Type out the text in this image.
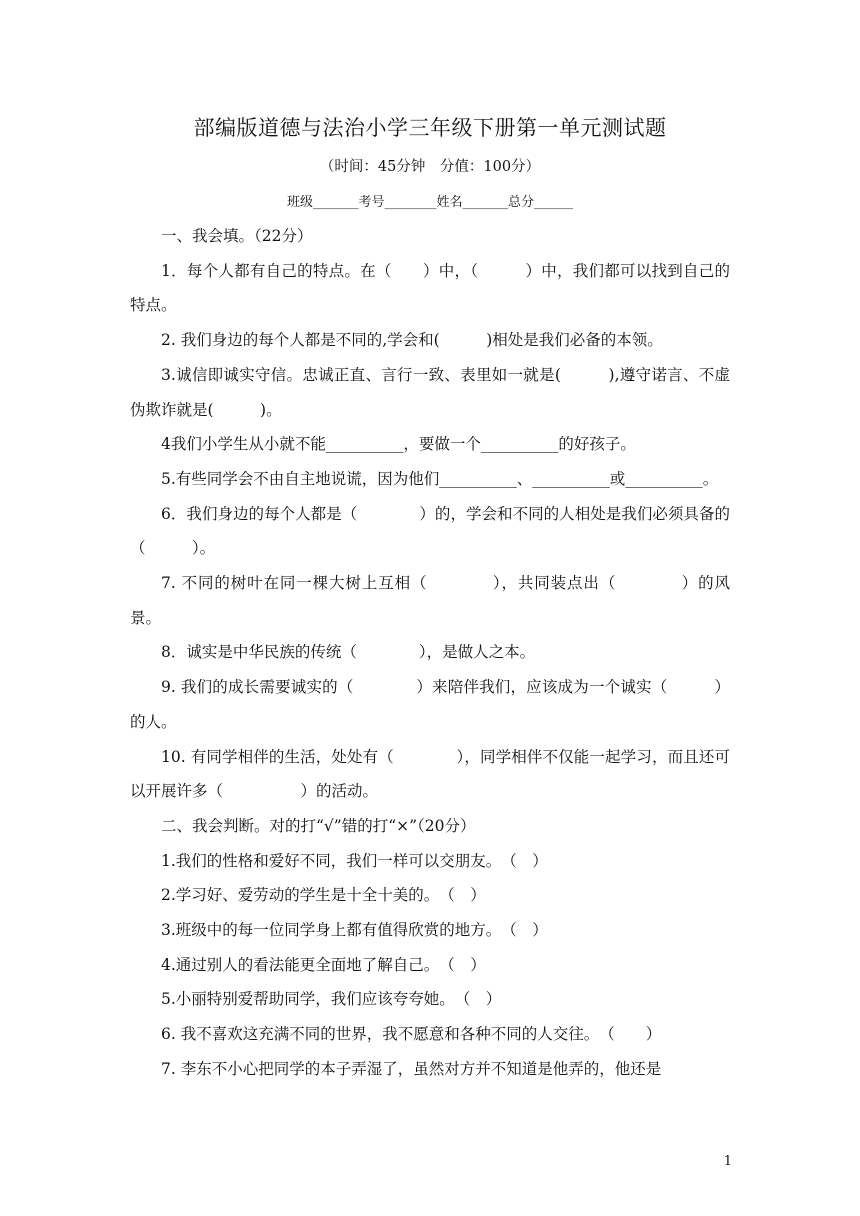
部编版道德与法治小学三年级下册第一单元测试题
（时间：45分钟　分值：100分）
班级_______考号________姓名_______总分______

一、我会填。（22分）

1．每个人都有自己的特点。在（　　）中，（　　　）中，我们都可以找到自己的特点。

2. 我们身边的每个人都是不同的,学会和(　　　)相处是我们必备的本领。

3.诚信即诚实守信。忠诚正直、言行一致、表里如一就是(　　　),遵守诺言、不虚伪欺诈就是(　　　)。

4我们小学生从小就不能__________，要做一个__________的好孩子。

5.有些同学会不由自主地说谎，因为他们__________、__________或__________。

6．我们身边的每个人都是（　　　　）的，学会和不同的人相处是我们必须具备的（　　　）。

7. 不同的树叶在同一棵大树上互相（　　　　），共同装点出（　　　　）的风景。

8．诚实是中华民族的传统（　　　　），是做人之本。

9. 我们的成长需要诚实的（　　　　）来陪伴我们，应该成为一个诚实（　　　）的人。

10. 有同学相伴的生活，处处有（　　　　），同学相伴不仅能一起学习，而且还可以开展许多（　　　　　）的活动。

二、我会判断。对的打“√”错的打“×”（20分）

1.我们的性格和爱好不同，我们一样可以交朋友。　（　）

2.学习好、爱劳动的学生是十全十美的。　（　）

3.班级中的每一位同学身上都有值得欣赏的地方。　（　）

4.通过别人的看法能更全面地了解自己。　（　）

5.小丽特别爱帮助同学，我们应该夸夸她。　（　）

6. 我不喜欢这充满不同的世界，我不愿意和各种不同的人交往。　（　　）

7. 李东不小心把同学的本子弄湿了，虽然对方并不知道是他弄的，他还是

1
